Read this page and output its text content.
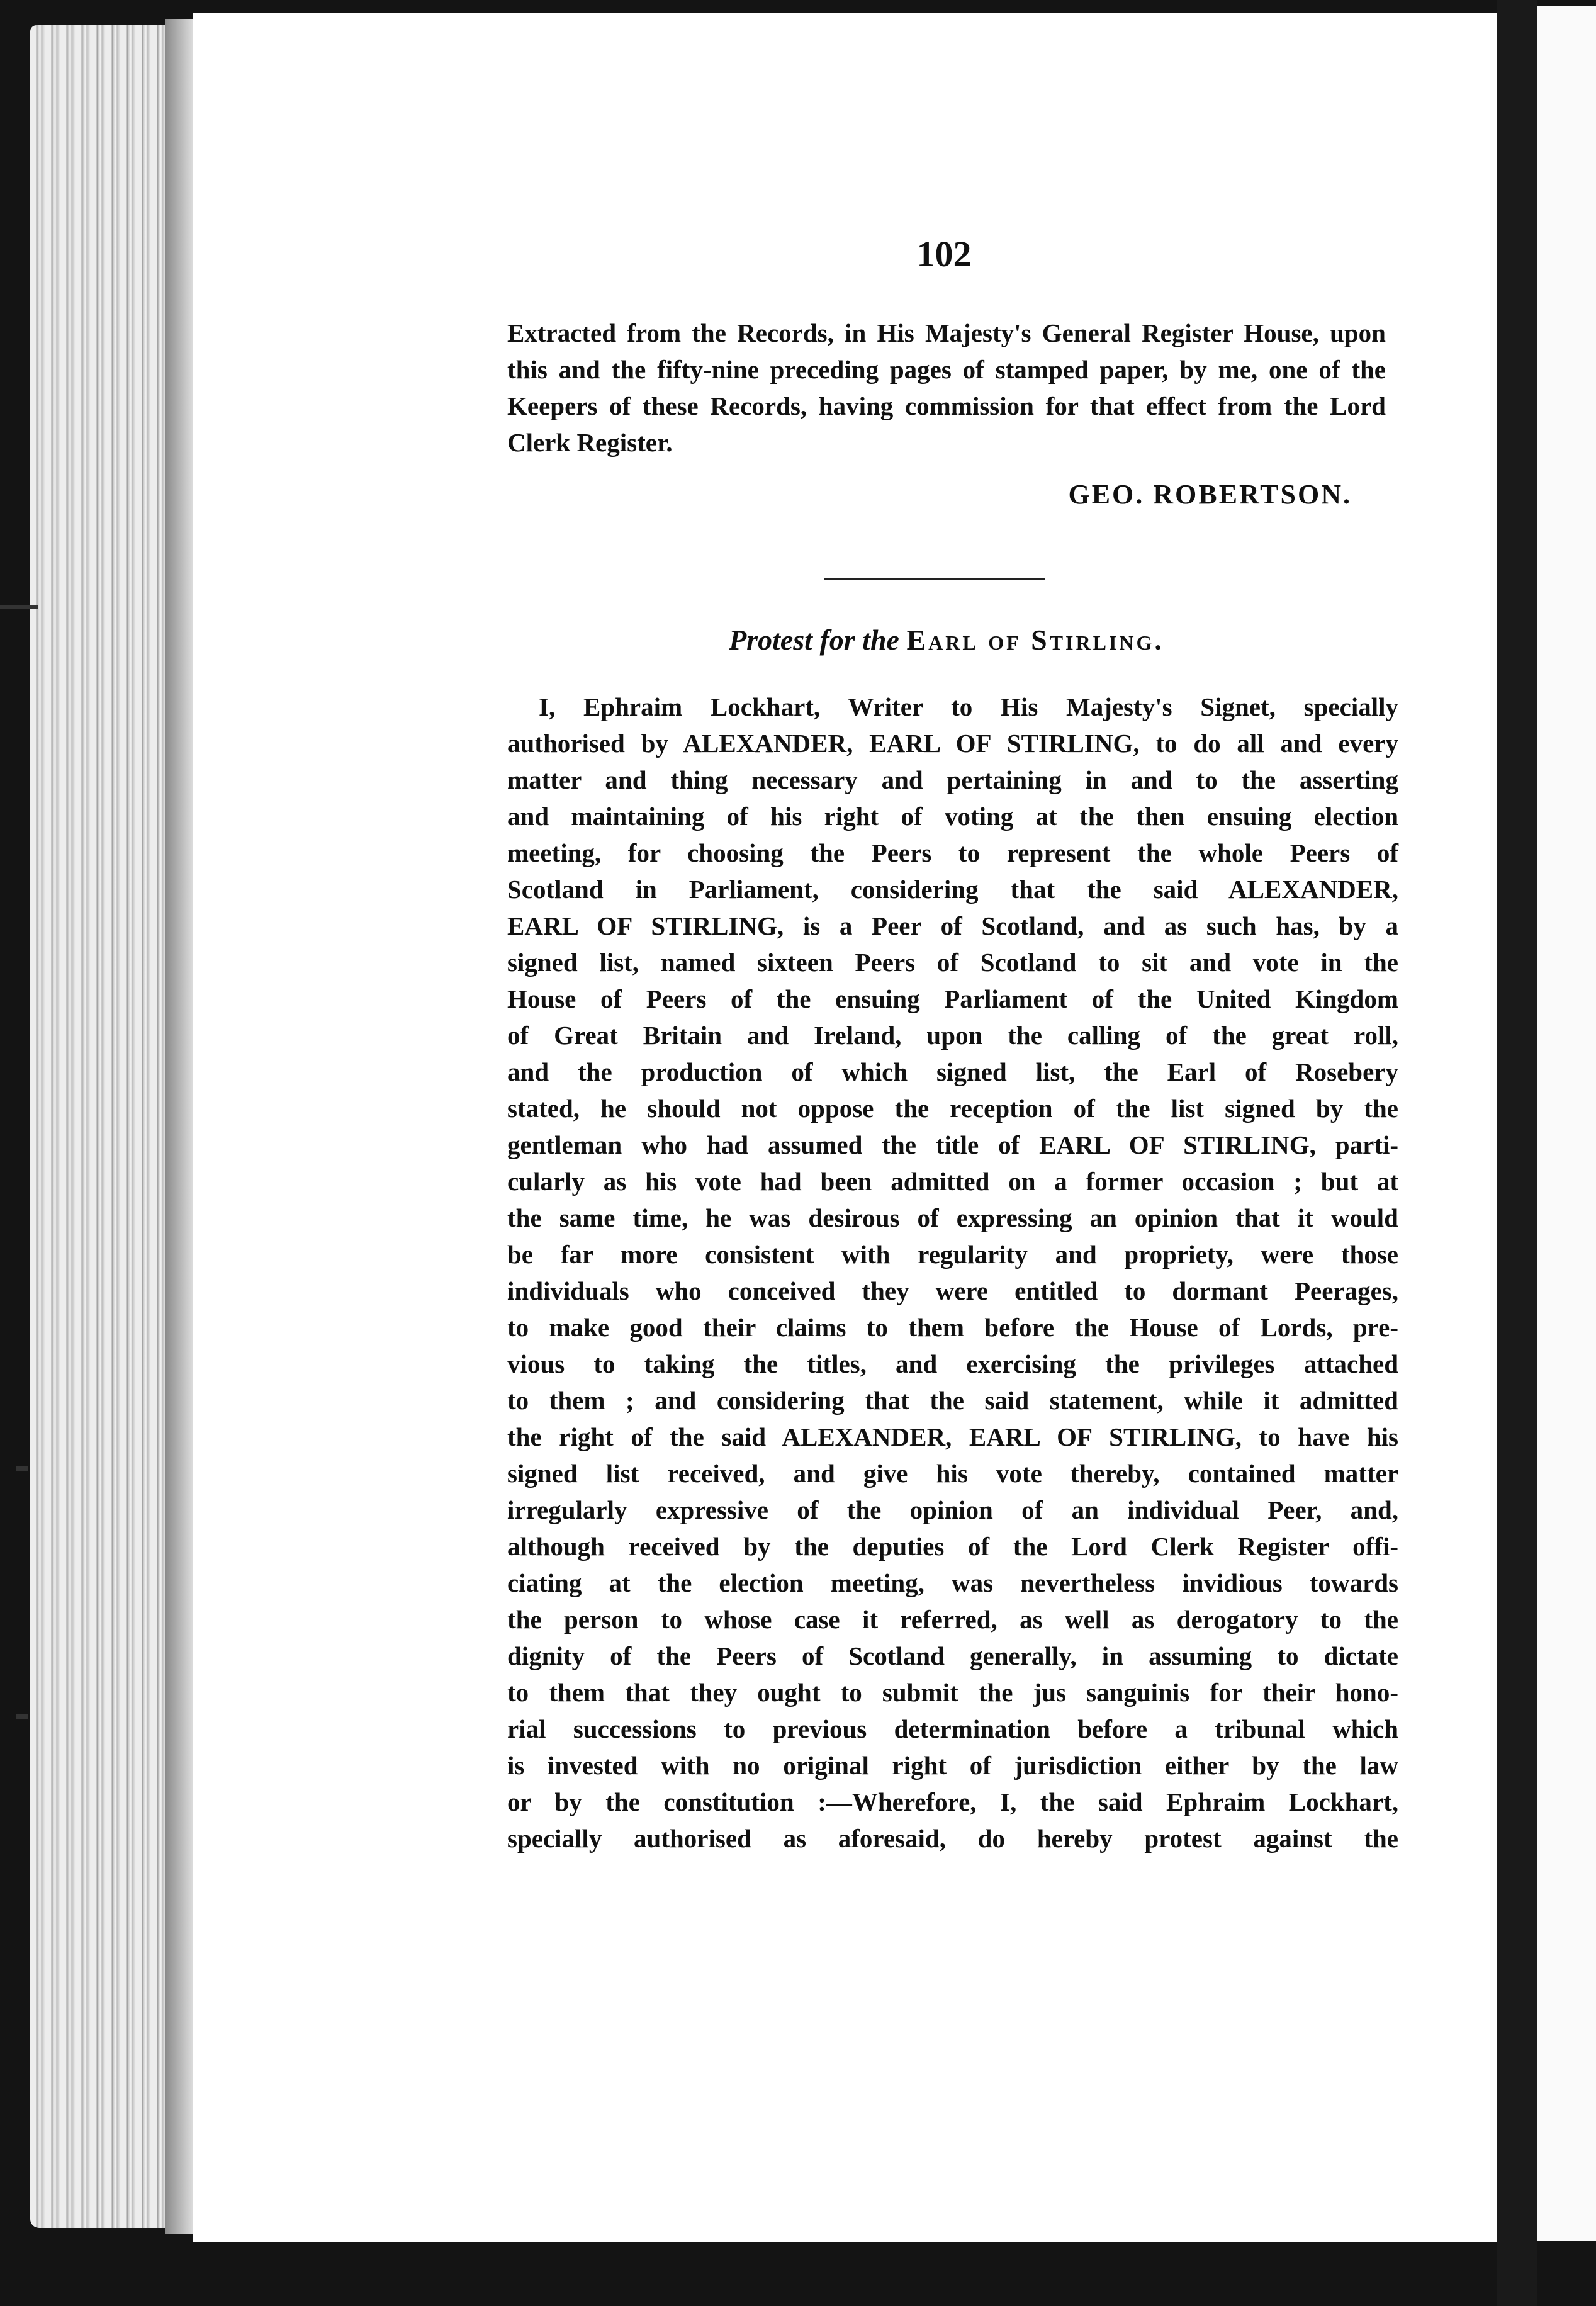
102
Extracted from the Records, in His Majesty's General Register House, upon this and the fifty-nine preceding pages of stamped paper, by me, one of the Keepers of these Records, having commission for that effect from the Lord Clerk Register.
GEO. ROBERTSON.
Protest for the Earl of Stirling.
I, Ephraim Lockhart, Writer to His Majesty's Signet, specially
authorised by ALEXANDER, EARL OF STIRLING, to do all and every
matter and thing necessary and pertaining in and to the asserting
and maintaining of his right of voting at the then ensuing election
meeting, for choosing the Peers to represent the whole Peers of
Scotland in Parliament, considering that the said ALEXANDER,
EARL OF STIRLING, is a Peer of Scotland, and as such has, by a
signed list, named sixteen Peers of Scotland to sit and vote in the
House of Peers of the ensuing Parliament of the United Kingdom
of Great Britain and Ireland, upon the calling of the great roll,
and the production of which signed list, the Earl of Rosebery
stated, he should not oppose the reception of the list signed by the
gentleman who had assumed the title of EARL OF STIRLING, parti-
cularly as his vote had been admitted on a former occasion ; but at
the same time, he was desirous of expressing an opinion that it would
be far more consistent with regularity and propriety, were those
individuals who conceived they were entitled to dormant Peerages,
to make good their claims to them before the House of Lords, pre-
vious to taking the titles, and exercising the privileges attached
to them ; and considering that the said statement, while it admitted
the right of the said ALEXANDER, EARL OF STIRLING, to have his
signed list received, and give his vote thereby, contained matter
irregularly expressive of the opinion of an individual Peer, and,
although received by the deputies of the Lord Clerk Register offi-
ciating at the election meeting, was nevertheless invidious towards
the person to whose case it referred, as well as derogatory to the
dignity of the Peers of Scotland generally, in assuming to dictate
to them that they ought to submit the jus sanguinis for their hono-
rial successions to previous determination before a tribunal which
is invested with no original right of jurisdiction either by the law
or by the constitution :—Wherefore, I, the said Ephraim Lockhart,
specially authorised as aforesaid, do hereby protest against the
